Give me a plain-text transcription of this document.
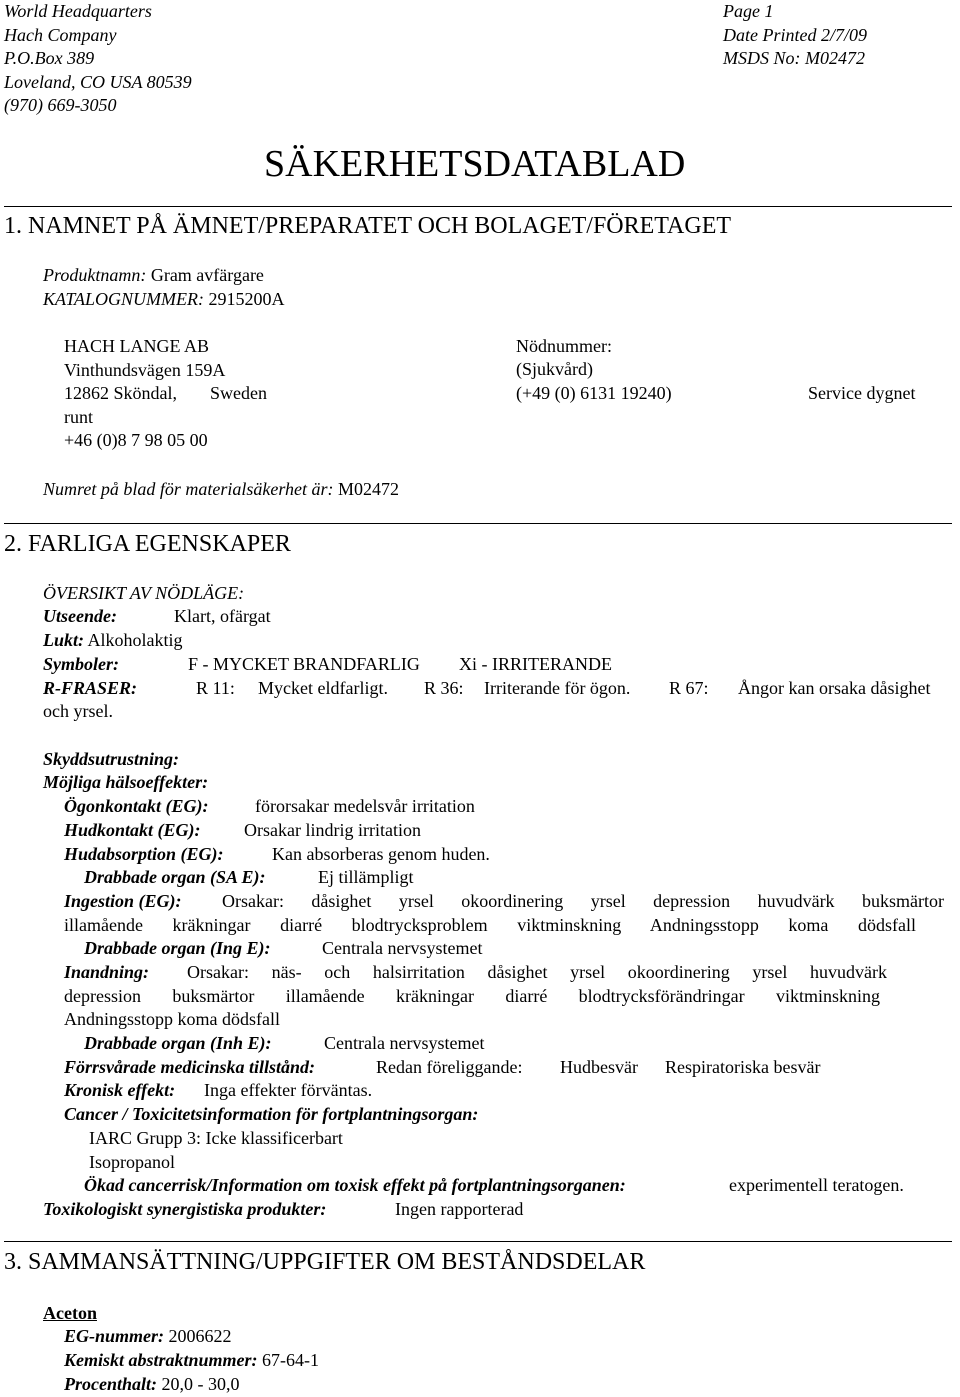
World Headquarters
Hach Company
P.O.Box 389
Loveland, CO USA 80539
(970) 669-3050
Page 1
Date Printed 2/7/09
MSDS No: M02472
SÄKERHETSDATABLAD
1. NAMNET PÅ ÄMNET/PREPARATET OCH BOLAGET/FÖRETAGET
Produktnamn: Gram avfärgare
KATALOGNUMMER: 2915200A
HACH LANGE AB
Vinthundsvägen 159A
12862 Sköndal, Sweden
Nödnummer:
(Sjukvård)
(+49 (0) 6131 19240)	Service dygnet
runt
+46 (0)8 7 98 05 00
Numret på blad för materialsäkerhet är: M02472
2. FARLIGA EGENSKAPER
ÖVERSIKT AV NÖDLÄGE:
Utseende:	Klart, ofärgat
Lukt: Alkoholaktig
Symboler:	F - MYCKET BRANDFARLIG Xi - IRRITERANDE
R-FRASER:	R 11: Mycket eldfarligt. R 36: Irriterande för ögon. R 67: Ångor kan orsaka dåsighet
och yrsel.
Skyddsutrustning:
Möjliga hälsoeffekter:
Ögonkontakt (EG):	förorsakar medelsvår irritation
Hudkontakt (EG): Orsakar lindrig irritation
Hudabsorption (EG):	Kan absorberas genom huden.
Drabbade organ (SA E):	Ej tillämpligt
Ingestion (EG): Orsakar: dåsighet yrsel okoordinering yrsel depression huvudvärk buksmärtor
illamående kräkningar diarré blodtrycksproblem viktminskning Andningsstopp koma dödsfall
Drabbade organ (Ing E):	Centrala nervsystemet
Inandning: Orsakar: näs- och halsirritation dåsighet yrsel okoordinering yrsel huvudvärk
depression buksmärtor illamående kräkningar diarré blodtrycksförändringar viktminskning
Andningsstopp koma dödsfall
Drabbade organ (Inh E):	Centrala nervsystemet
Förrsvårade medicinska tillstånd:	Redan föreliggande: Hudbesvär Respiratoriska besvär
Kronisk effekt: Inga effekter förväntas.
Cancer / Toxicitetsinformation för fortplantningsorgan:
IARC Grupp 3: Icke klassificerbart
Isopropanol
Ökad cancerrisk/Information om toxisk effekt på fortplantningsorganen:	experimentell teratogen.
Toxikologiskt synergistiska produkter:	Ingen rapporterad
3. SAMMANSÄTTNING/UPPGIFTER OM BESTÅNDSDELAR
Aceton
EG-nummer: 2006622
Kemiskt abstraktnummer: 67-64-1
Procenthalt: 20,0 - 30,0
